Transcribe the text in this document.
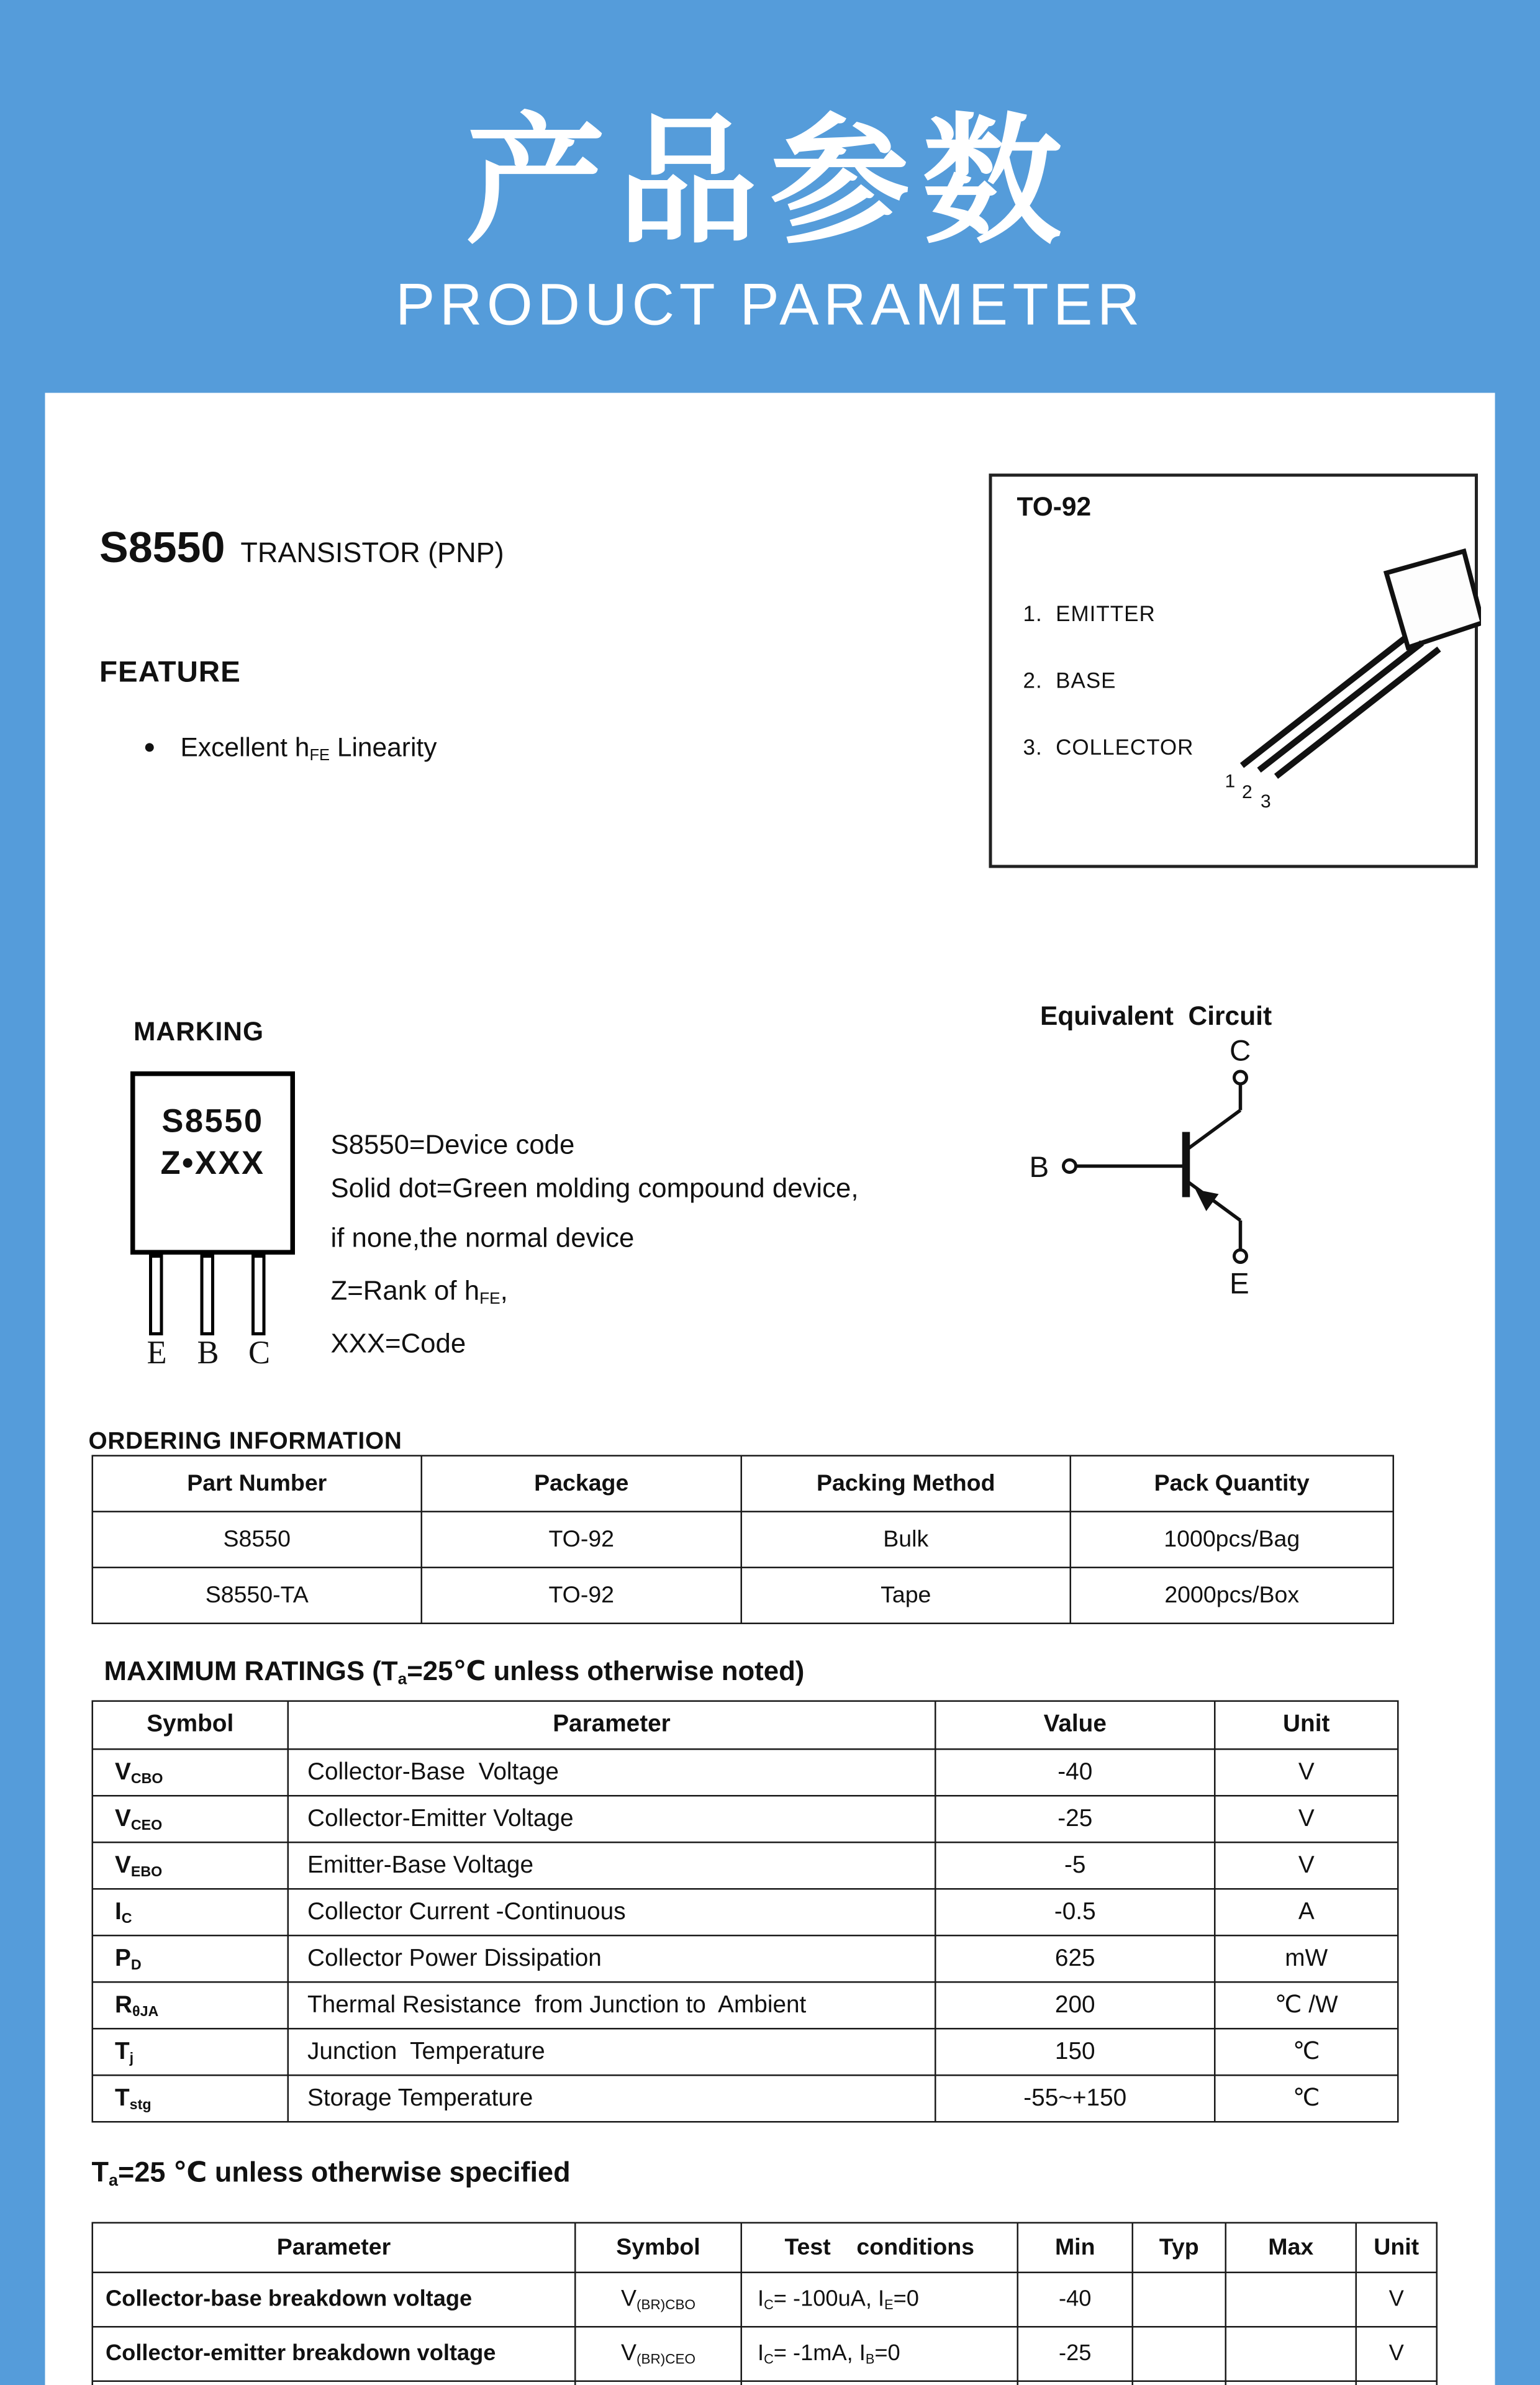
产品参数
PRODUCT PARAMETER
S8550 TRANSISTOR (PNP)
FEATURE

● Excellent $h_{FE}$ Linearity

TO-92
1.  EMITTER
2.  BASE
3.  COLLECTOR
1
2 3
MARKING
S8550
Z•XXX
E	B	C

S8550=Device code

Solid dot=Green molding compound device,

if none,the normal device

Z=Rank of $h_{FE}$,

XXX=Code

Equivalent  Circuit
C
B
E
ORDERING INFORMATION
Part Number	Package	Packing Method	Pack Quantity
S8550	TO-92	Bulk	1000pcs/Bag
S8550-TA	TO-92	Tape	2000pcs/Box
MAXIMUM RATINGS ($T_a=25℃$ unless otherwise noted)
Symbol	Parameter	Value	Unit
$V_{CBO}$	Collector-Base  Voltage	-40	V
$V_{CEO}$	Collector-Emitter Voltage	-25	V
$V_{EBO}$	Emitter-Base Voltage	-5	V
$I_C$	Collector Current -Continuous	-0.5	A
$P_D$	Collector Power Dissipation	625	mW
$R_{\theta JA}$	Thermal Resistance  from Junction to  Ambient	200	℃ /W
$T_j$	Junction  Temperature	150	℃
$T_{stg}$	Storage Temperature	-55~+150	℃
$T_a=25$ ℃ unless otherwise specified
Parameter	Symbol	Test    conditions	Min	Typ	Max	Unit
Collector-base breakdown voltage	$V_{(BR)CBO}$	$I_C= -100uA$, $I_E=0$	-40			V
Collector-emitter breakdown voltage	$V_{(BR)CEO}$	$I_C= -1mA$, $I_B=0$	-25			V
